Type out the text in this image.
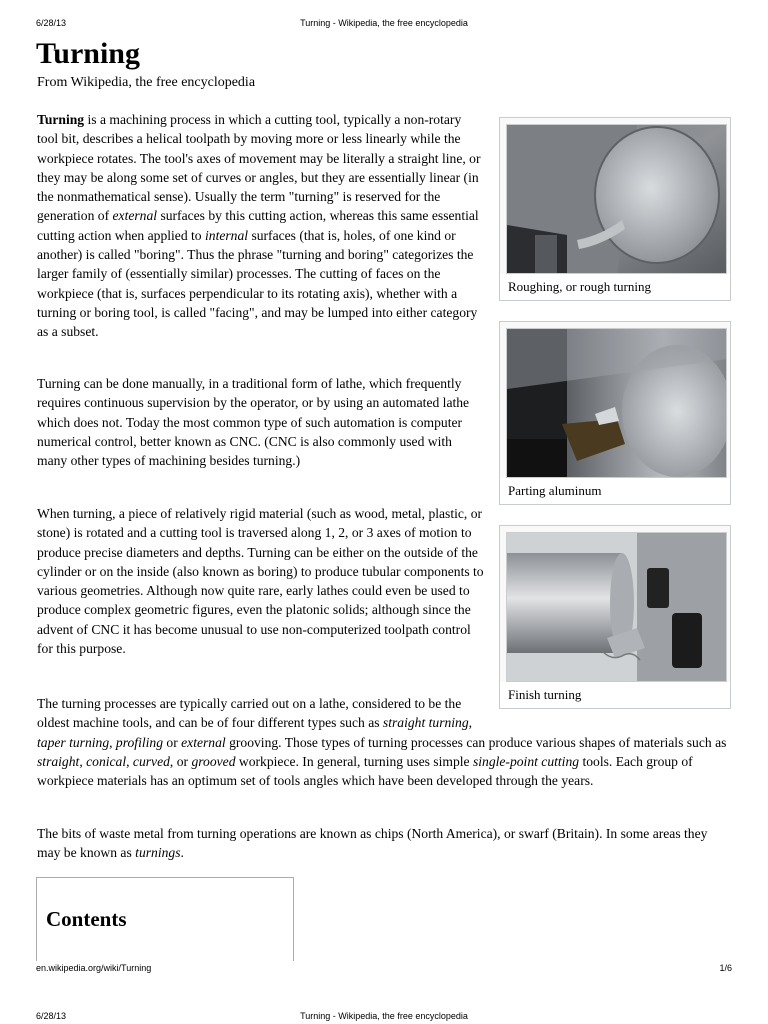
6/28/13	Turning - Wikipedia, the free encyclopedia
Turning
From Wikipedia, the free encyclopedia

Turning is a machining process in which a cutting tool, typically a non-rotary tool bit, describes a helical toolpath by moving more or less linearly while the workpiece rotates. The tool's axes of movement may be literally a straight line, or they may be along some set of curves or angles, but they are essentially linear (in the nonmathematical sense). Usually the term "turning" is reserved for the generation of external surfaces by this cutting action, whereas this same essential cutting action when applied to internal surfaces (that is, holes, of one kind or another) is called "boring". Thus the phrase "turning and boring" categorizes the larger family of (essentially similar) processes. The cutting of faces on the workpiece (that is, surfaces perpendicular to its rotating axis), whether with a turning or boring tool, is called "facing", and may be lumped into either category as a subset.

Turning can be done manually, in a traditional form of lathe, which frequently requires continuous supervision by the operator, or by using an automated lathe which does not. Today the most common type of such automation is computer numerical control, better known as CNC. (CNC is also commonly used with many other types of machining besides turning.)

When turning, a piece of relatively rigid material (such as wood, metal, plastic, or stone) is rotated and a cutting tool is traversed along 1, 2, or 3 axes of motion to produce precise diameters and depths. Turning can be either on the outside of the cylinder or on the inside (also known as boring) to produce tubular components to various geometries. Although now quite rare, early lathes could even be used to produce complex geometric figures, even the platonic solids; although since the advent of CNC it has become unusual to use non-computerized toolpath control for this purpose.

The turning processes are typically carried out on a lathe, considered to be the oldest machine tools, and can be of four different types such as straight turning, taper turning, profiling or external grooving. Those types of turning processes can produce various shapes of materials such as straight, conical, curved, or grooved workpiece. In general, turning uses simple single-point cutting tools. Each group of workpiece materials has an optimum set of tools angles which have been developed through the years.

The bits of waste metal from turning operations are known as chips (North America), or swarf (Britain). In some areas they may be known as turnings.

Roughing, or rough turning
Parting aluminum
Finish turning
Contents
en.wikipedia.org/wiki/Turning	1/6
6/28/13	Turning - Wikipedia, the free encyclopedia
